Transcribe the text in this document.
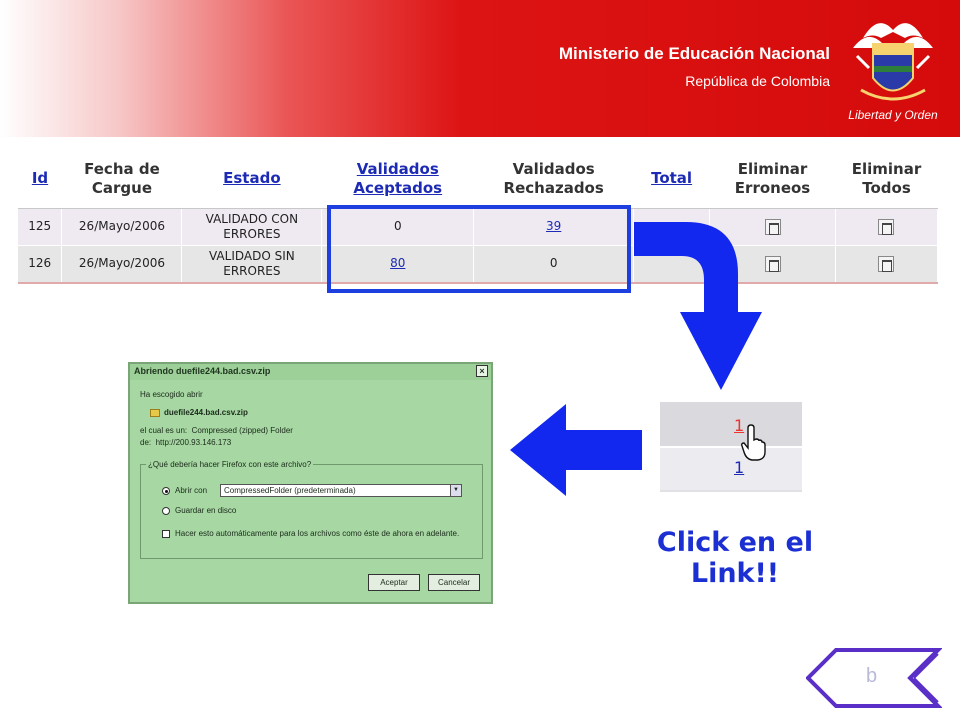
Ministerio de Educación Nacional
República de Colombia
Libertad y Orden
Id	Fecha de Cargue	Estado	Validados Aceptados	Validados Rechazados	Total	Eliminar Erroneos	Eliminar Todos
125	26/Mayo/2006	VALIDADO CON ERRORES	0	39			
126	26/Mayo/2006	VALIDADO SIN ERRORES	80	0			
Abriendo duefile244.bad.csv.zip	×
Ha escogido abrir
duefile244.bad.csv.zip
el cual es un: Compressed (zipped) Folder
de: http://200.93.146.173
¿Qué debería hacer Firefox con este archivo?
Abrir con	CompressedFolder (predeterminada)	▼
Guardar en disco
Hacer esto automáticamente para los archivos como éste de ahora en adelante.
Aceptar	Cancelar
1
1
Click en el
Link!!
b
